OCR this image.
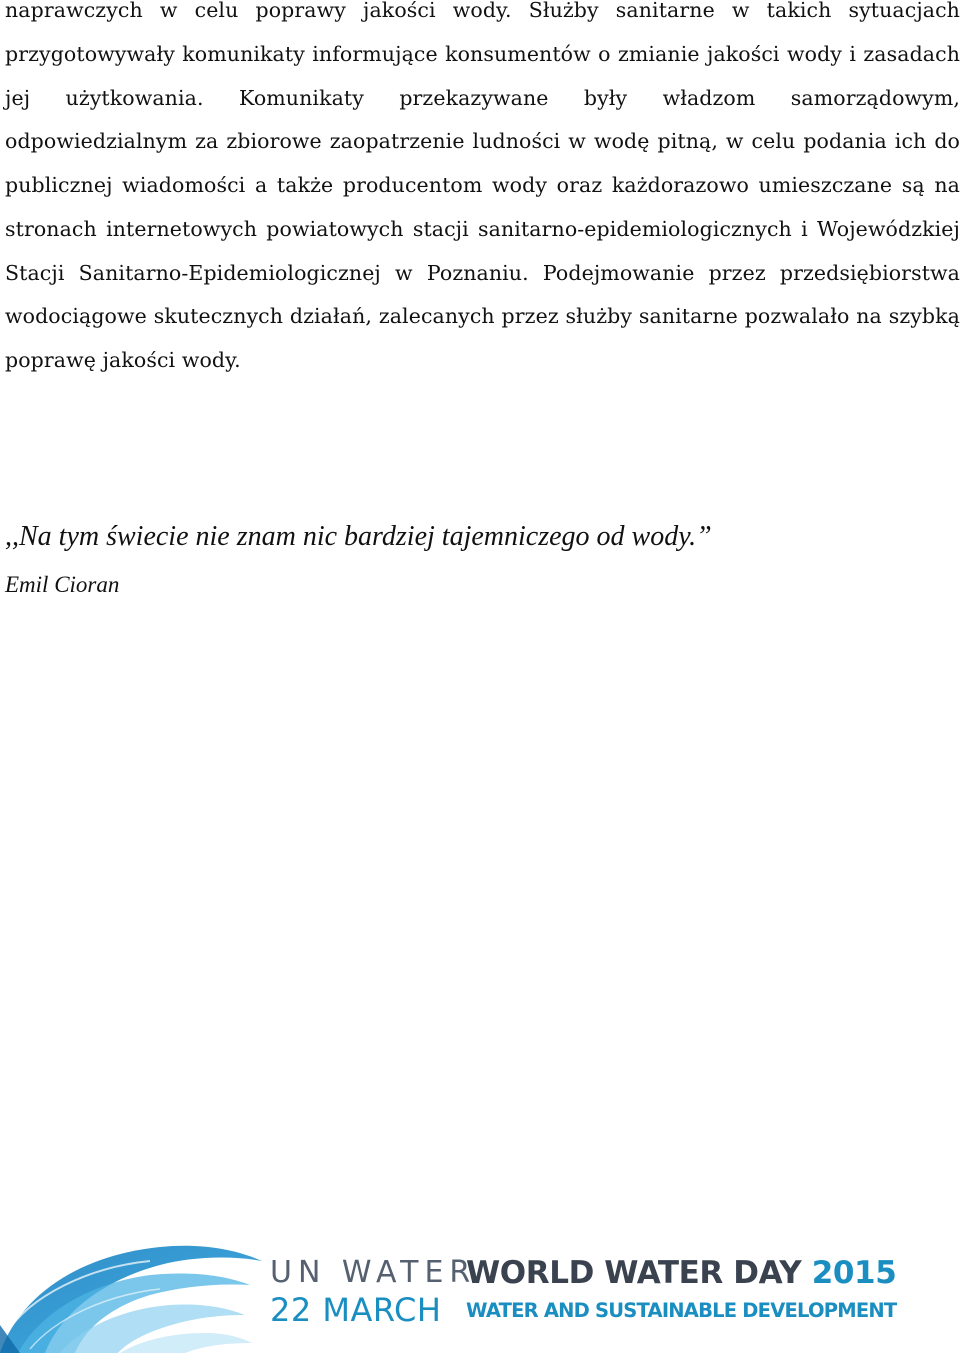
naprawczych w celu poprawy jakości wody. Służby sanitarne w takich sytuacjach przygotowywały komunikaty informujące konsumentów o zmianie jakości wody i zasadach jej użytkowania. Komunikaty przekazywane były władzom samorządowym, odpowiedzialnym za zbiorowe zaopatrzenie ludności w wodę pitną, w celu podania ich do publicznej wiadomości a także producentom wody oraz każdorazowo umieszczane są na stronach internetowych powiatowych stacji sanitarno-epidemiologicznych i Wojewódzkiej Stacji Sanitarno-Epidemiologicznej w Poznaniu. Podejmowanie przez przedsiębiorstwa wodociągowe skutecznych działań, zalecanych przez służby sanitarne pozwalało na szybką poprawę jakości wody.

,,Na tym świecie nie znam nic bardziej tajemniczego od wody.”

Emil Cioran

UN WATER

22 MARCH

WORLD WATER DAY 2015

WATER AND SUSTAINABLE DEVELOPMENT
